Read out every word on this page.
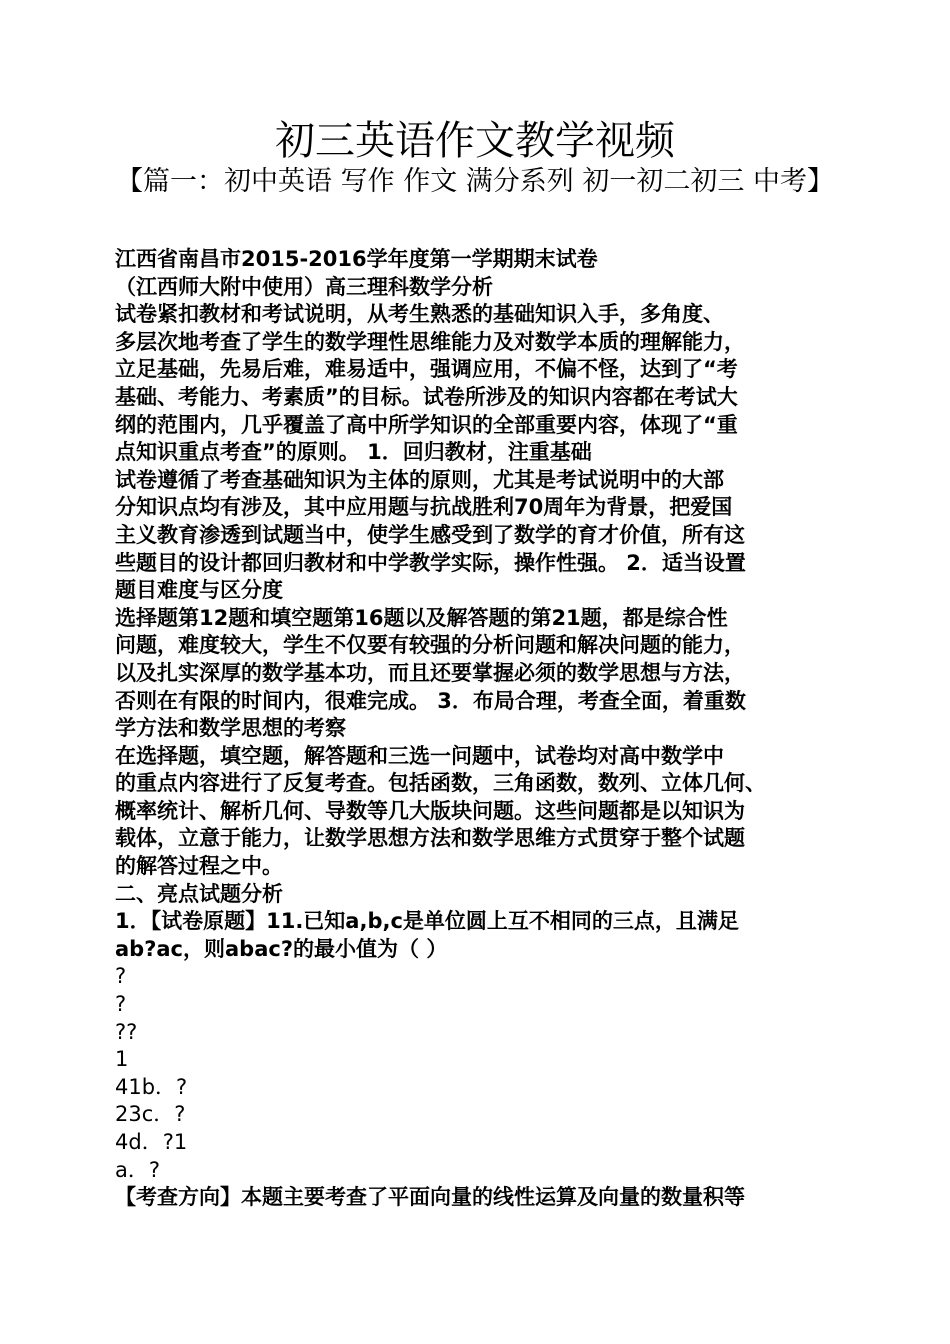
初三英语作文教学视频
【篇一：初中英语 写作 作文 满分系列 初一初二初三 中考】
江西省南昌市2015-2016学年度第一学期期末试卷
（江西师大附中使用）高三理科数学分析
试卷紧扣教材和考试说明，从考生熟悉的基础知识入手，多角度、
多层次地考查了学生的数学理性思维能力及对数学本质的理解能力，
立足基础，先易后难，难易适中，强调应用，不偏不怪，达到了“考
基础、考能力、考素质”的目标。试卷所涉及的知识内容都在考试大
纲的范围内，几乎覆盖了高中所学知识的全部重要内容，体现了“重
点知识重点考查”的原则。 1．回归教材，注重基础
试卷遵循了考查基础知识为主体的原则，尤其是考试说明中的大部
分知识点均有涉及，其中应用题与抗战胜利70周年为背景，把爱国
主义教育渗透到试题当中，使学生感受到了数学的育才价值，所有这
些题目的设计都回归教材和中学教学实际，操作性强。 2．适当设置
题目难度与区分度
选择题第12题和填空题第16题以及解答题的第21题，都是综合性
问题，难度较大，学生不仅要有较强的分析问题和解决问题的能力，
以及扎实深厚的数学基本功，而且还要掌握必须的数学思想与方法，
否则在有限的时间内，很难完成。 3．布局合理，考查全面，着重数
学方法和数学思想的考察
在选择题，填空题，解答题和三选一问题中，试卷均对高中数学中
的重点内容进行了反复考查。包括函数，三角函数，数列、立体几何、
概率统计、解析几何、导数等几大版块问题。这些问题都是以知识为
载体，立意于能力，让数学思想方法和数学思维方式贯穿于整个试题
的解答过程之中。
二、亮点试题分析
1．【试卷原题】11.已知a,b,c是单位圆上互不相同的三点，且满足
ab?ac，则abac?的最小值为（ ）
?
?
??
1
41b．?
23c．?
4d．?1
a．?
【考查方向】本题主要考查了平面向量的线性运算及向量的数量积等
